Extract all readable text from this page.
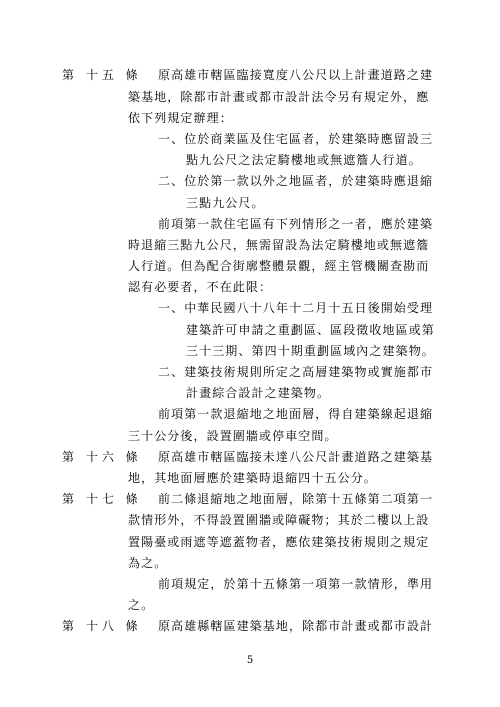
第 十五 條 原高雄市轄區臨接寬度八公尺以上計畫道路之建
築基地，除都市計畫或都市設計法令另有規定外，應
依下列規定辦理：
一、位於商業區及住宅區者，於建築時應留設三
點九公尺之法定騎樓地或無遮簷人行道。
二、位於第一款以外之地區者，於建築時應退縮
三點九公尺。
前項第一款住宅區有下列情形之一者，應於建築
時退縮三點九公尺，無需留設為法定騎樓地或無遮簷
人行道。但為配合街廓整體景觀，經主管機關查勘而
認有必要者，不在此限：
一、中華民國八十八年十二月十五日後開始受理
建築許可申請之重劃區、區段徵收地區或第
三十三期、第四十期重劃區域內之建築物。
二、建築技術規則所定之高層建築物或實施都市
計畫綜合設計之建築物。
前項第一款退縮地之地面層，得自建築線起退縮
三十公分後，設置圍牆或停車空間。
第 十六 條 原高雄市轄區臨接未達八公尺計畫道路之建築基
地，其地面層應於建築時退縮四十五公分。
第 十七 條 前二條退縮地之地面層，除第十五條第二項第一
款情形外，不得設置圍牆或障礙物；其於二樓以上設
置陽臺或雨遮等遮蓋物者，應依建築技術規則之規定
為之。
前項規定，於第十五條第一項第一款情形，準用
之。
第 十八 條 原高雄縣轄區建築基地，除都市計畫或都市設計
5
